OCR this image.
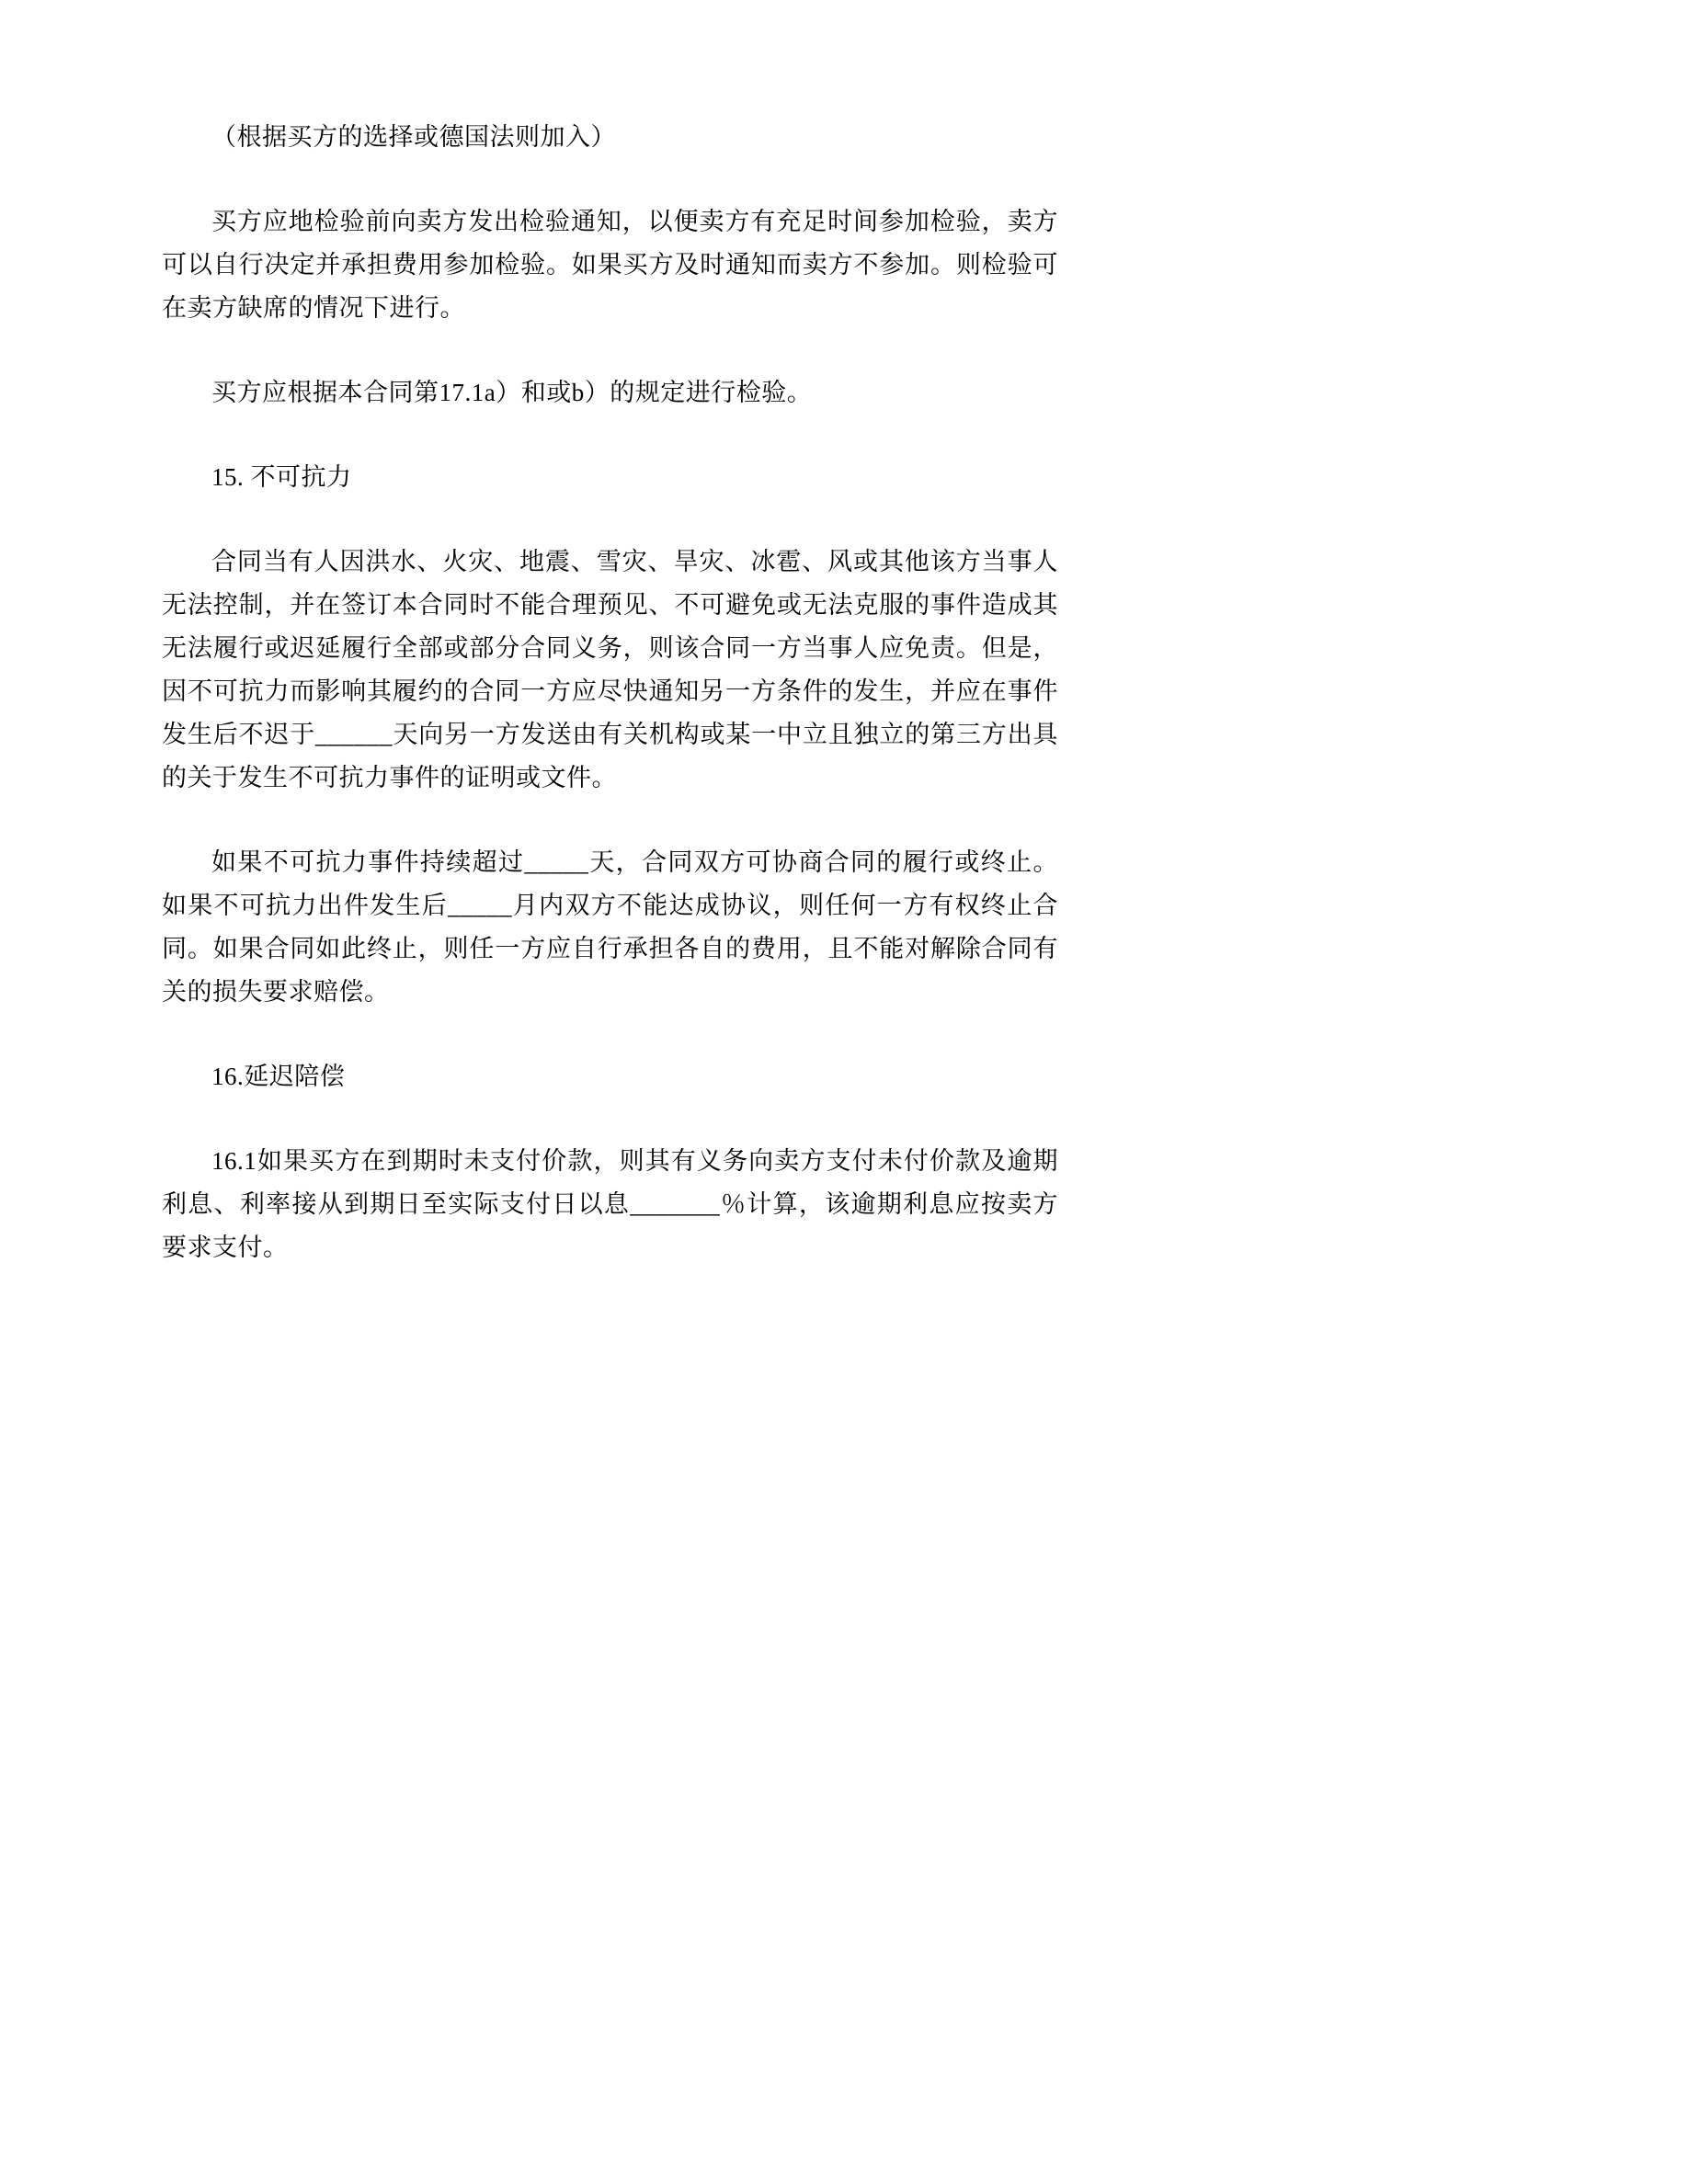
（根据买方的选择或德国法则加入）

买方应地检验前向卖方发出检验通知，以便卖方有充足时间参加检验，卖方可以自行决定并承担费用参加检验。如果买方及时通知而卖方不参加。则检验可在卖方缺席的情况下进行。

买方应根据本合同第17.1a）和或b）的规定进行检验。

15. 不可抗力

合同当有人因洪水、火灾、地震、雪灾、旱灾、冰雹、风或其他该方当事人无法控制，并在签订本合同时不能合理预见、不可避免或无法克服的事件造成其无法履行或迟延履行全部或部分合同义务，则该合同一方当事人应免责。但是，因不可抗力而影响其履约的合同一方应尽快通知另一方条件的发生，并应在事件发生后不迟于______天向另一方发送由有关机构或某一中立且独立的第三方出具的关于发生不可抗力事件的证明或文件。

如果不可抗力事件持续超过_____天，合同双方可协商合同的履行或终止。如果不可抗力出件发生后_____月内双方不能达成协议，则任何一方有权终止合同。如果合同如此终止，则任一方应自行承担各自的费用，且不能对解除合同有关的损失要求赔偿。

16.延迟陪偿

16.1如果买方在到期时未支付价款，则其有义务向卖方支付未付价款及逾期利息、利率接从到期日至实际支付日以息_______％计算，该逾期利息应按卖方要求支付。
